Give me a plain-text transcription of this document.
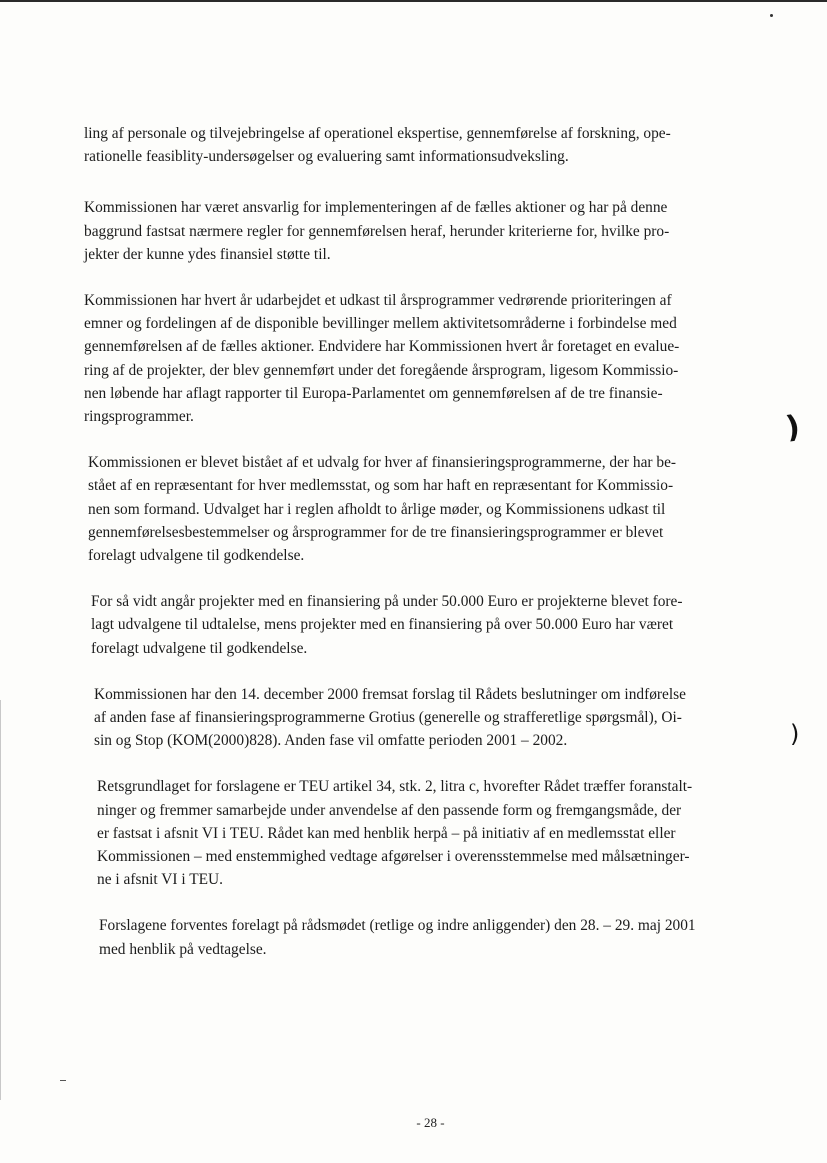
ling af personale og tilvejebringelse af operationel ekspertise, gennemførelse af forskning, ope-
rationelle feasiblity-undersøgelser og evaluering samt informationsudveksling.

Kommissionen har været ansvarlig for implementeringen af de fælles aktioner og har på denne
baggrund fastsat nærmere regler for gennemførelsen heraf, herunder kriterierne for, hvilke pro-
jekter der kunne ydes finansiel støtte til.

Kommissionen har hvert år udarbejdet et udkast til årsprogrammer vedrørende prioriteringen af
emner og fordelingen af de disponible bevillinger mellem aktivitetsområderne i forbindelse med
gennemførelsen af de fælles aktioner. Endvidere har Kommissionen hvert år foretaget en evalue-
ring af de projekter, der blev gennemført under det foregående årsprogram, ligesom Kommissio-
nen løbende har aflagt rapporter til Europa-Parlamentet om gennemførelsen af de tre finansie-
ringsprogrammer.

Kommissionen er blevet bistået af et udvalg for hver af finansieringsprogrammerne, der har be-
stået af en repræsentant for hver medlemsstat, og som har haft en repræsentant for Kommissio-
nen som formand. Udvalget har i reglen afholdt to årlige møder, og Kommissionens udkast til
gennemførelsesbestemmelser og årsprogrammer for de tre finansieringsprogrammer er blevet
forelagt udvalgene til godkendelse.

For så vidt angår projekter med en finansiering på under 50.000 Euro er projekterne blevet fore-
lagt udvalgene til udtalelse, mens projekter med en finansiering på over 50.000 Euro har været
forelagt udvalgene til godkendelse.

Kommissionen har den 14. december 2000 fremsat forslag til Rådets beslutninger om indførelse
af anden fase af finansieringsprogrammerne Grotius (generelle og strafferetlige spørgsmål), Oi-
sin og Stop (KOM(2000)828). Anden fase vil omfatte perioden 2001 – 2002.

Retsgrundlaget for forslagene er TEU artikel 34, stk. 2, litra c, hvorefter Rådet træffer foranstalt-
ninger og fremmer samarbejde under anvendelse af den passende form og fremgangsmåde, der
er fastsat i afsnit VI i TEU. Rådet kan med henblik herpå – på initiativ af en medlemsstat eller
Kommissionen – med enstemmighed vedtage afgørelser i overensstemmelse med målsætninger-
ne i afsnit VI i TEU.

Forslagene forventes forelagt på rådsmødet (retlige og indre anliggender) den 28. – 29. maj 2001
med henblik på vedtagelse.

- 28 -
)
)
